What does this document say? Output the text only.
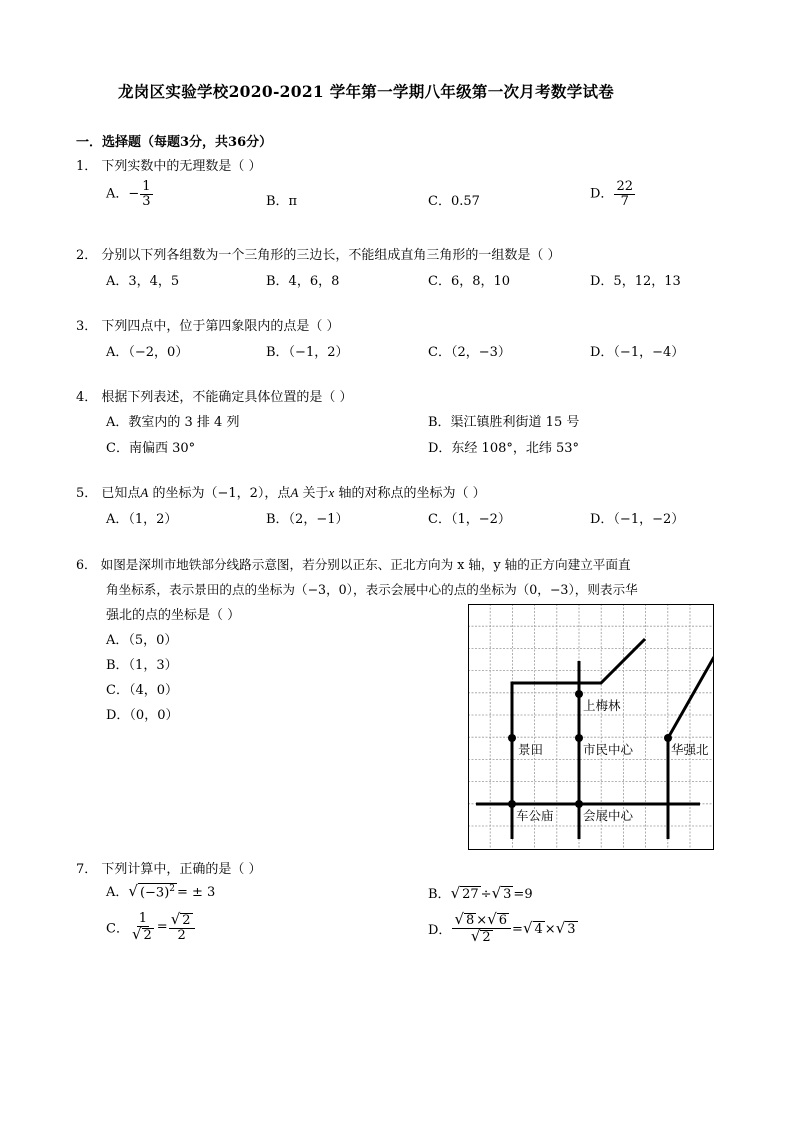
龙岗区实验学校2020-2021 学年第一学期八年级第一次月考数学试卷
一．选择题（每题3分，共36分）
1． 下列实数中的无理数是（ ）
A．− $\frac{1}{3}$	B．π	C．0.57	D． $\frac{22}{7}$
2． 分别以下列各组数为一个三角形的三边长，不能组成直角三角形的一组数是（ ）
A．3，4，5	B．4，6，8	C．6，8，10	D．5，12，13
3． 下列四点中，位于第四象限内的点是（ ）
A．（−2，0）	B．（−1，2）	C．（2，−3）	D．（−1，−4）
4． 根据下列表述，不能确定具体位置的是（ ）
A．教室内的 3 排 4 列	B．渠江镇胜利街道 15 号
C．南偏西 30°	D．东经 108°，北纬 53°
5． 已知点A 的坐标为（−1，2），点A 关于x 轴的对称点的坐标为（ ）
A．（1，2）	B．（2，−1）	C．（1，−2）	D．（−1，−2）
6． 如图是深圳市地铁部分线路示意图，若分别以正东、正北方向为 x 轴，y 轴的正方向建立平面直
角坐标系，表示景田的点的坐标为（−3，0），表示会展中心的点的坐标为（0，−3），则表示华
强北的点的坐标是（ ）
A．（5，0）
B．（1，3）
C．（4，0）
D．（0，0）
上梅林
景田	市民中心	华强北
车公庙 会展中心
7． 下列计算中，正确的是（ ）
A．√ $(-3)^2$ = ± 3	B．√ 27 ÷√ 3 =9
C． $\frac{1}{√ 2} = \frac{√ 2}{2}$	D． $\frac{√ 8 \times√ 6}{√ 2}$ =√ 4 ×√ 3
